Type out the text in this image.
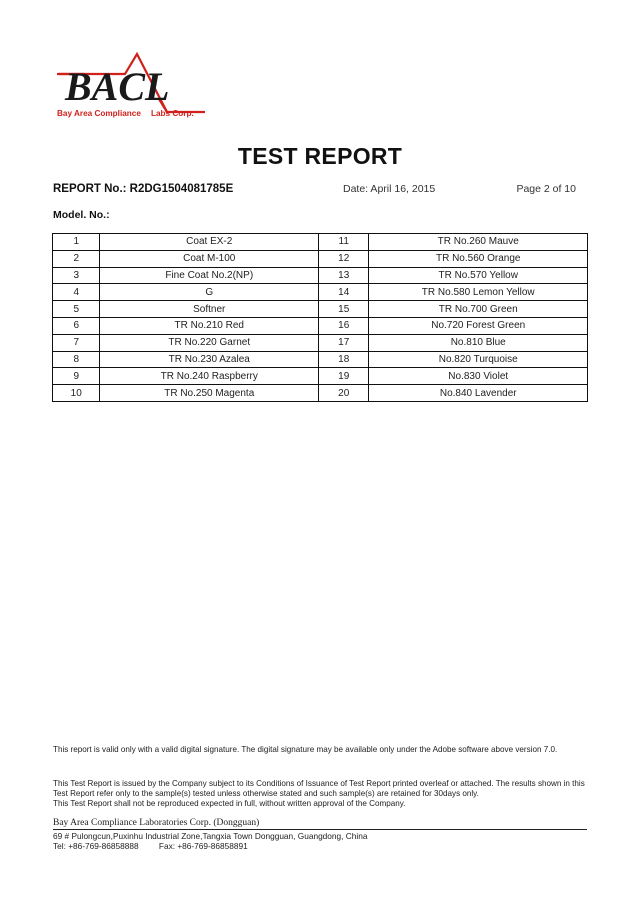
BACL
Bay Area Compliance Labs Corp.
TEST REPORT
REPORT No.: R2DG1504081785E	Date: April 16, 2015	Page 2 of 10
Model. No.:
1	Coat EX-2	11	TR No.260 Mauve
2	Coat M-100	12	TR No.560 Orange
3	Fine Coat No.2(NP)	13	TR No.570 Yellow
4	G	14	TR No.580 Lemon Yellow
5	Softner	15	TR No.700 Green
6	TR No.210 Red	16	No.720 Forest Green
7	TR No.220 Garnet	17	No.810 Blue
8	TR No.230 Azalea	18	No.820 Turquoise
9	TR No.240 Raspberry	19	No.830 Violet
10	TR No.250 Magenta	20	No.840 Lavender
This report is valid only with a valid digital signature. The digital signature may be available only under the Adobe software above version 7.0.
This Test Report is issued by the Company subject to its Conditions of Issuance of Test Report printed overleaf or attached. The results shown in this Test Report refer only to the sample(s) tested unless otherwise stated and such sample(s) are retained for 30days only.
This Test Report shall not be reproduced expected in full, without written approval of the Company.
Bay Area Compliance Laboratories Corp. (Dongguan)
69 # Pulongcun,Puxinhu Industrial Zone,Tangxia Town Dongguan, Guangdong, China
Tel: +86-769-86858888 Fax: +86-769-86858891
